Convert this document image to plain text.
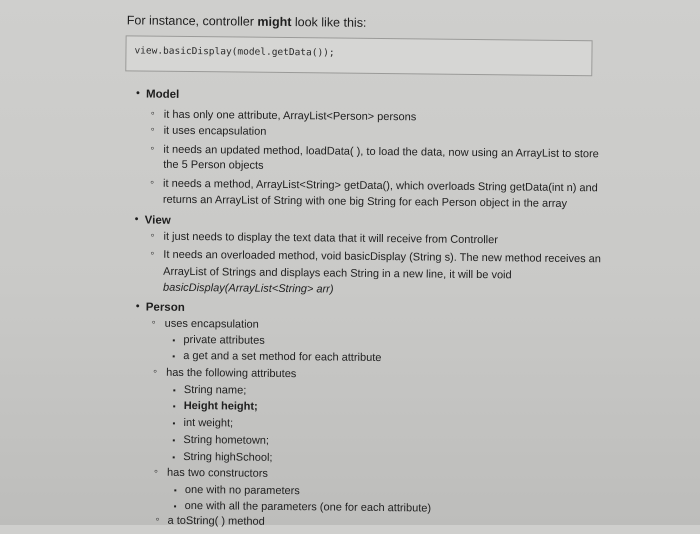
For instance, controller might look like this:
view.basicDisplay(model.getData());
•
Model
◦
it has only one attribute, ArrayList<Person> persons
◦
it uses encapsulation
◦
it needs an updated method, loadData( ), to load the data, now using an ArrayList to store
the 5 Person objects
◦
it needs a method, ArrayList<String> getData(), which overloads String getData(int n) and
returns an ArrayList of String with one big String for each Person object in the array
•
View
◦
it just needs to display the text data that it will receive from Controller
◦
It needs an overloaded method, void basicDisplay (String s). The new method receives an
ArrayList of Strings and displays each String in a new line, it will be void
basicDisplay(ArrayList<String> arr)
•
Person
◦
uses encapsulation
▪
private attributes
▪
a get and a set method for each attribute
◦
has the following attributes
▪
String name;
▪
Height height;
▪
int weight;
▪
String hometown;
▪
String highSchool;
◦
has two constructors
▪
one with no parameters
▪
one with all the parameters (one for each attribute)
◦
a toString( ) method
